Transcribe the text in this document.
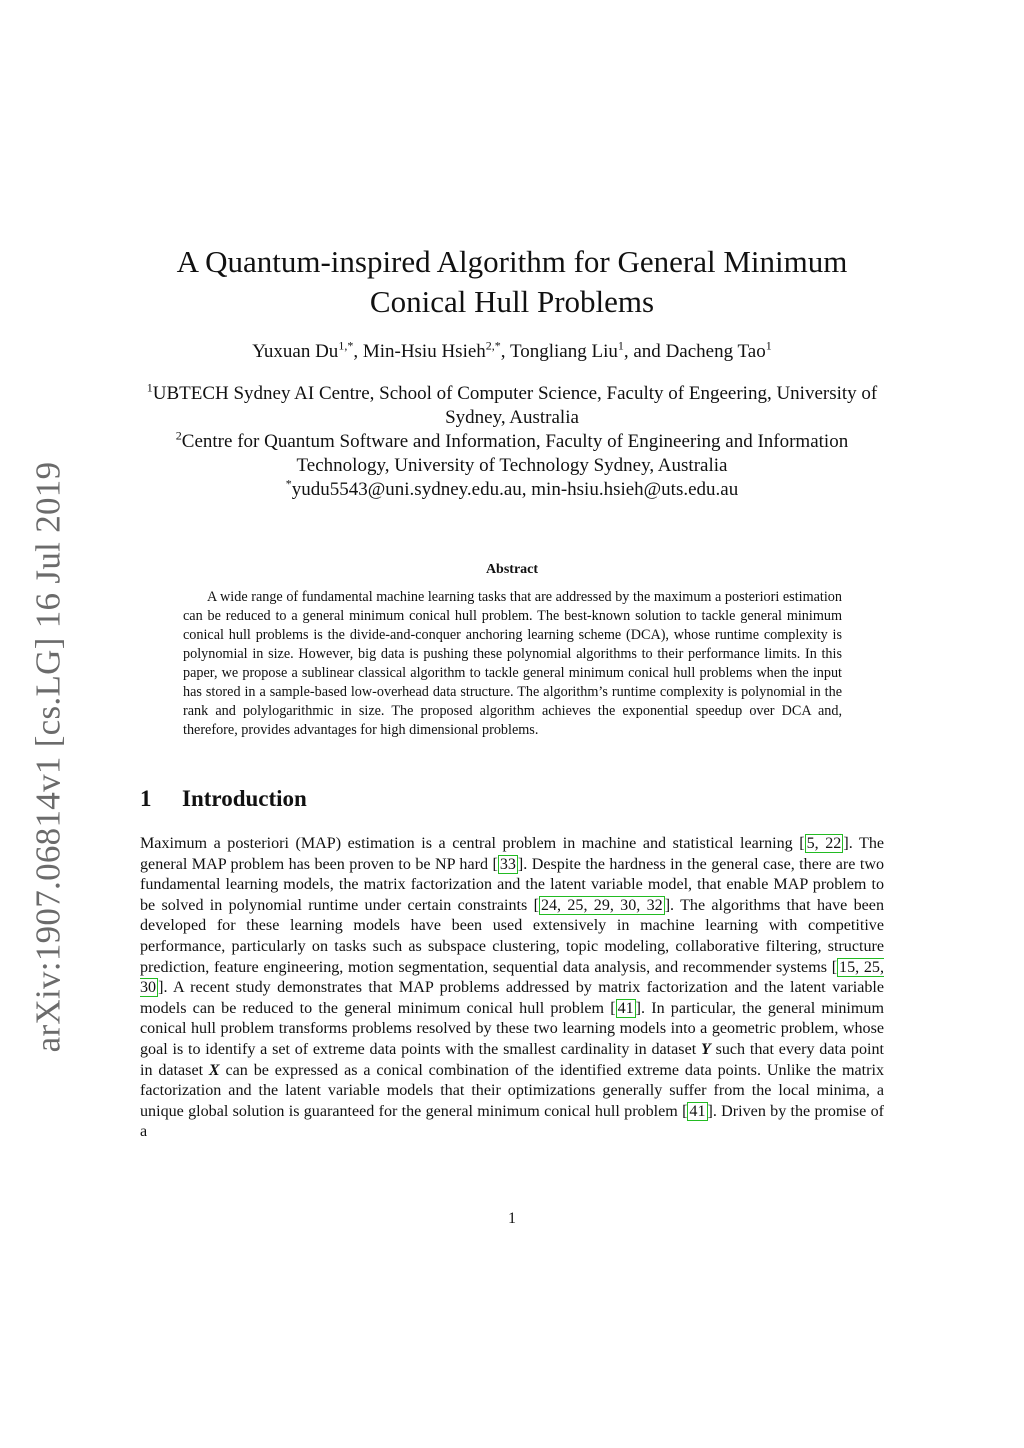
arXiv:1907.06814v1 [cs.LG] 16 Jul 2019
A Quantum-inspired Algorithm for General Minimum Conical Hull Problems
Yuxuan $Du^{1,*}$, Min-Hsiu Hsieh$^{2,*}$, Tongliang Liu$^1$, and Dacheng Tao$^1$
$^1$UBTECH Sydney AI Centre, School of Computer Science, Faculty of Engeering, University of Sydney, Australia
$^2$Centre for Quantum Software and Information, Faculty of Engineering and Information Technology, University of Technology Sydney, Australia
*yudu5543@uni.sydney.edu.au, min-hsiu.hsieh@uts.edu.au
Abstract

A wide range of fundamental machine learning tasks that are addressed by the maximum a posteriori estimation can be reduced to a general minimum conical hull problem. The best-known solution to tackle general minimum conical hull problems is the divide-and-conquer anchoring learning scheme (DCA), whose runtime complexity is polynomial in size. However, big data is pushing these polynomial algorithms to their performance limits. In this paper, we propose a sublinear classical algorithm to tackle general minimum conical hull problems when the input has stored in a sample-based low-overhead data structure. The algorithm’s runtime complexity is polynomial in the rank and polylogarithmic in size. The proposed algorithm achieves the exponential speedup over DCA and, therefore, provides advantages for high dimensional problems.

1 Introduction

Maximum a posteriori (MAP) estimation is a central problem in machine and statistical learning [ 5, 22 ]. The general MAP problem has been proven to be NP hard [ 33 ]. Despite the hardness in the general case, there are two fundamental learning models, the matrix factorization and the latent variable model, that enable MAP problem to be solved in polynomial runtime under certain constraints [ 24, 25, 29, 30, 32 ]. The algorithms that have been developed for these learning models have been used extensively in machine learning with competitive performance, particularly on tasks such as subspace clustering, topic modeling, collaborative filtering, structure prediction, feature engineering, motion segmentation, sequential data analysis, and recommender systems [ 15, 25, 30 ]. A recent study demonstrates that MAP problems addressed by matrix factorization and the latent variable models can be reduced to the general minimum conical hull problem [ 41 ]. In particular, the general minimum conical hull problem transforms problems resolved by these two learning models into a geometric problem, whose goal is to identify a set of extreme data points with the smallest cardinality in dataset Y such that every data point in dataset X can be expressed as a conical combination of the identified extreme data points. Unlike the matrix factorization and the latent variable models that their optimizations generally suffer from the local minima, a unique global solution is guaranteed for the general minimum conical hull problem [ 41 ]. Driven by the promise of a

1
